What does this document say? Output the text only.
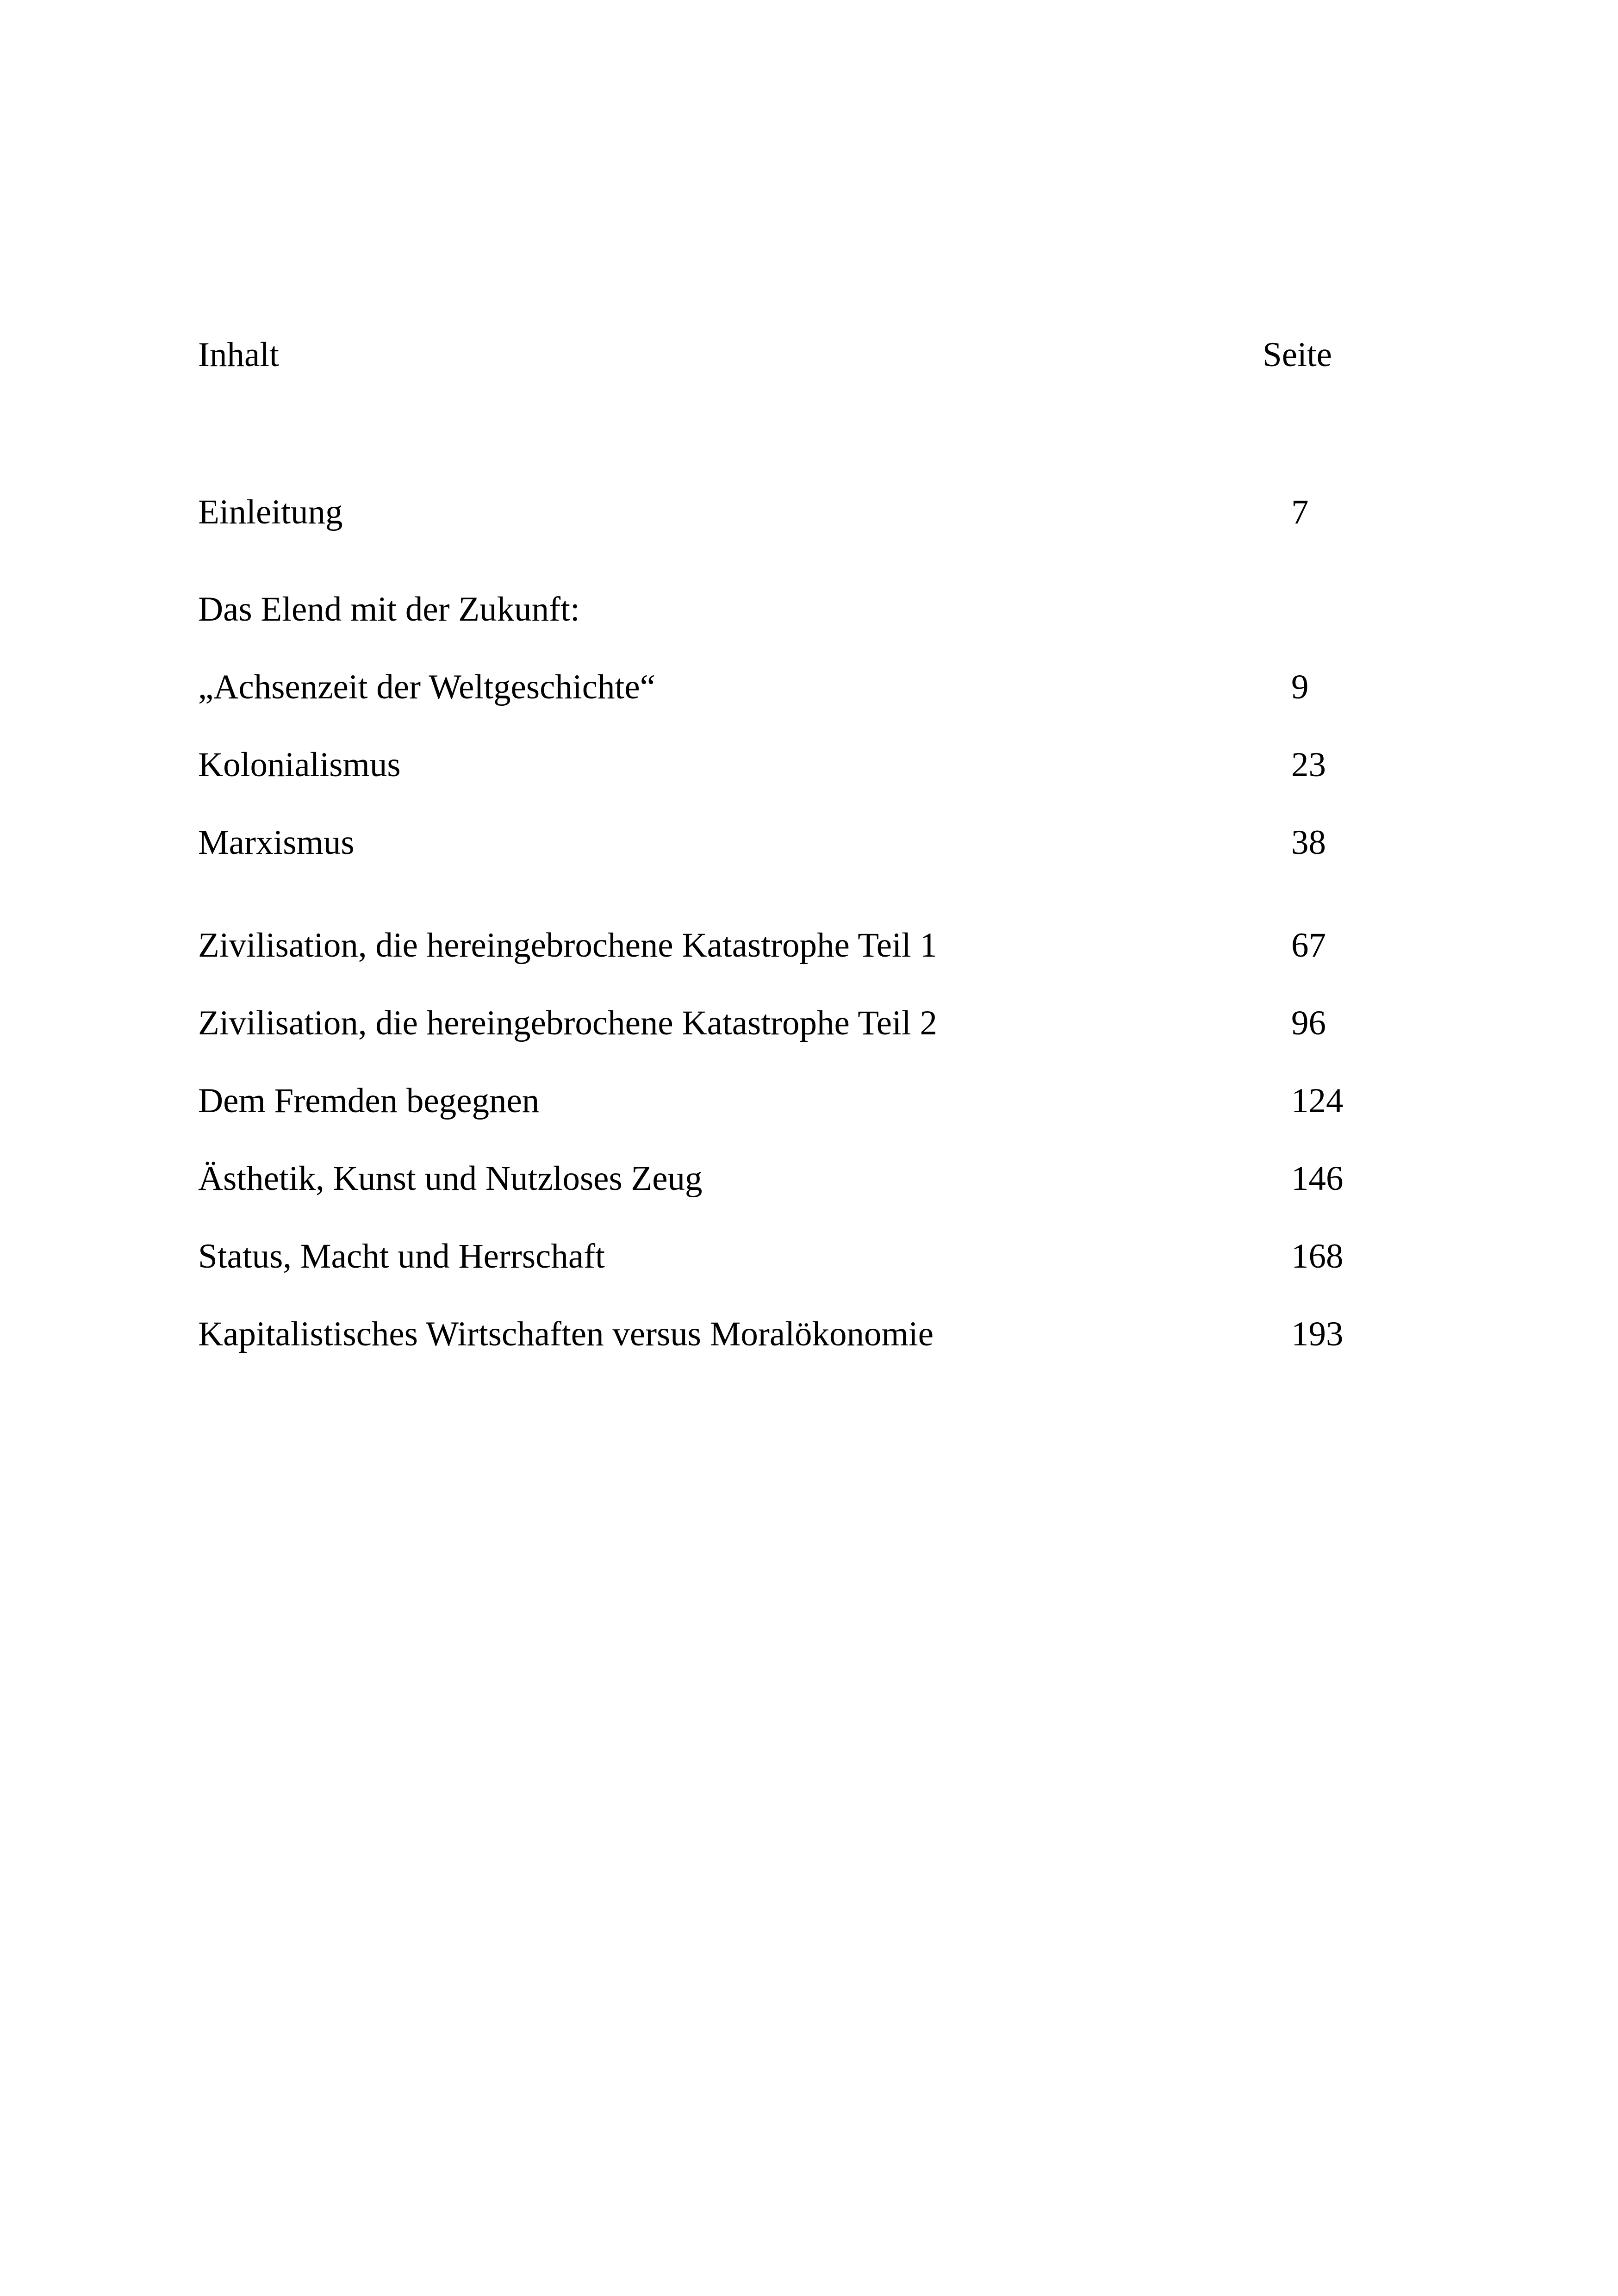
Inhalt	Seite
Einleitung	7
Das Elend mit der Zukunft:
„Achsenzeit der Weltgeschichte“	9
Kolonialismus	23
Marxismus	38
Zivilisation, die hereingebrochene Katastrophe Teil 1	67
Zivilisation, die hereingebrochene Katastrophe Teil 2	96
Dem Fremden begegnen	124
Ästhetik, Kunst und Nutzloses Zeug	146
Status, Macht und Herrschaft	168
Kapitalistisches Wirtschaften versus Moralökonomie	193
